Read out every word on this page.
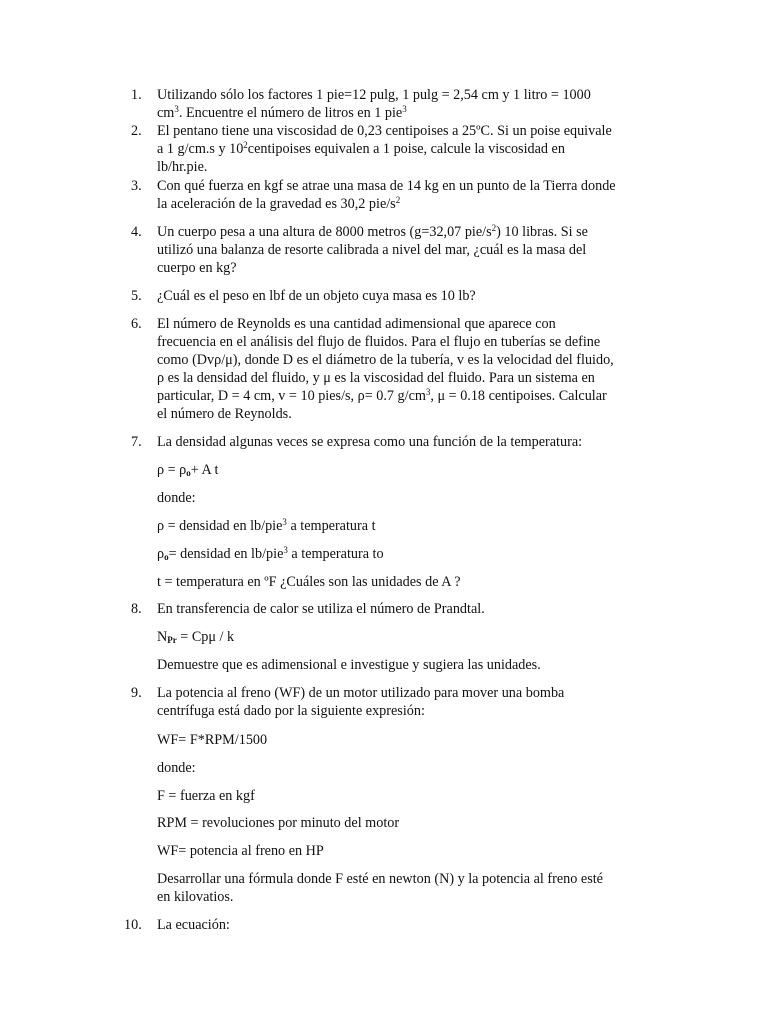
1. Utilizando sólo los factores 1 pie=12 pulg, 1 pulg = 2,54 cm y 1 litro = 1000
$cm^3$. Encuentre el número de litros en 1 pie$^3$
2. El pentano tiene una viscosidad de 0,23 centipoises a 25ºC. Si un poise equivale
a 1 g/cm.s y $10^2centipoises$ equivalen a 1 poise, calcule la viscosidad en
lb/hr.pie.
3. Con qué fuerza en kgf se atrae una masa de 14 kg en un punto de la Tierra donde
la aceleración de la gravedad es 30,2 pie/$s^2$
4. Un cuerpo pesa a una altura de 8000 metros (g=32,07 pie/$s^2$) 10 libras. Si se
utilizó una balanza de resorte calibrada a nivel del mar, ¿cuál es la masa del
cuerpo en kg?
5. ¿Cuál es el peso en lbf de un objeto cuya masa es 10 lb?
6. El número de Reynolds es una cantidad adimensional que aparece con
frecuencia en el análisis del flujo de fluidos. Para el flujo en tuberías se define
como (Dvρ/μ), donde D es el diámetro de la tubería, v es la velocidad del fluido,
ρ es la densidad del fluido, y μ es la viscosidad del fluido. Para un sistema en
particular, D = 4 cm, v = 10 pies/s, ρ= 0.7 $g/cm^3$, μ = 0.18 centipoises. Calcular
el número de Reynolds.
7. La densidad algunas veces se expresa como una función de la temperatura:
$\rho = \rho_o+ A$ t
donde:
ρ = densidad en lb/pie$^3$ a temperatura t
$\rho_o=$ densidad en lb/pie$^3$ a temperatura to
t = temperatura en ºF ¿Cuáles son las unidades de A ?
8. En transferencia de calor se utiliza el número de Prandtal.
$N_{Pr} = Cp\mu / k$
Demuestre que es adimensional e investigue y sugiera las unidades.
9. La potencia al freno (WF) de un motor utilizado para mover una bomba
centrífuga está dado por la siguiente expresión:
WF= F*RPM/1500
donde:
F = fuerza en kgf
RPM = revoluciones por minuto del motor
WF= potencia al freno en HP
Desarrollar una fórmula donde F esté en newton (N) y la potencia al freno esté
en kilovatios.
10. La ecuación:
